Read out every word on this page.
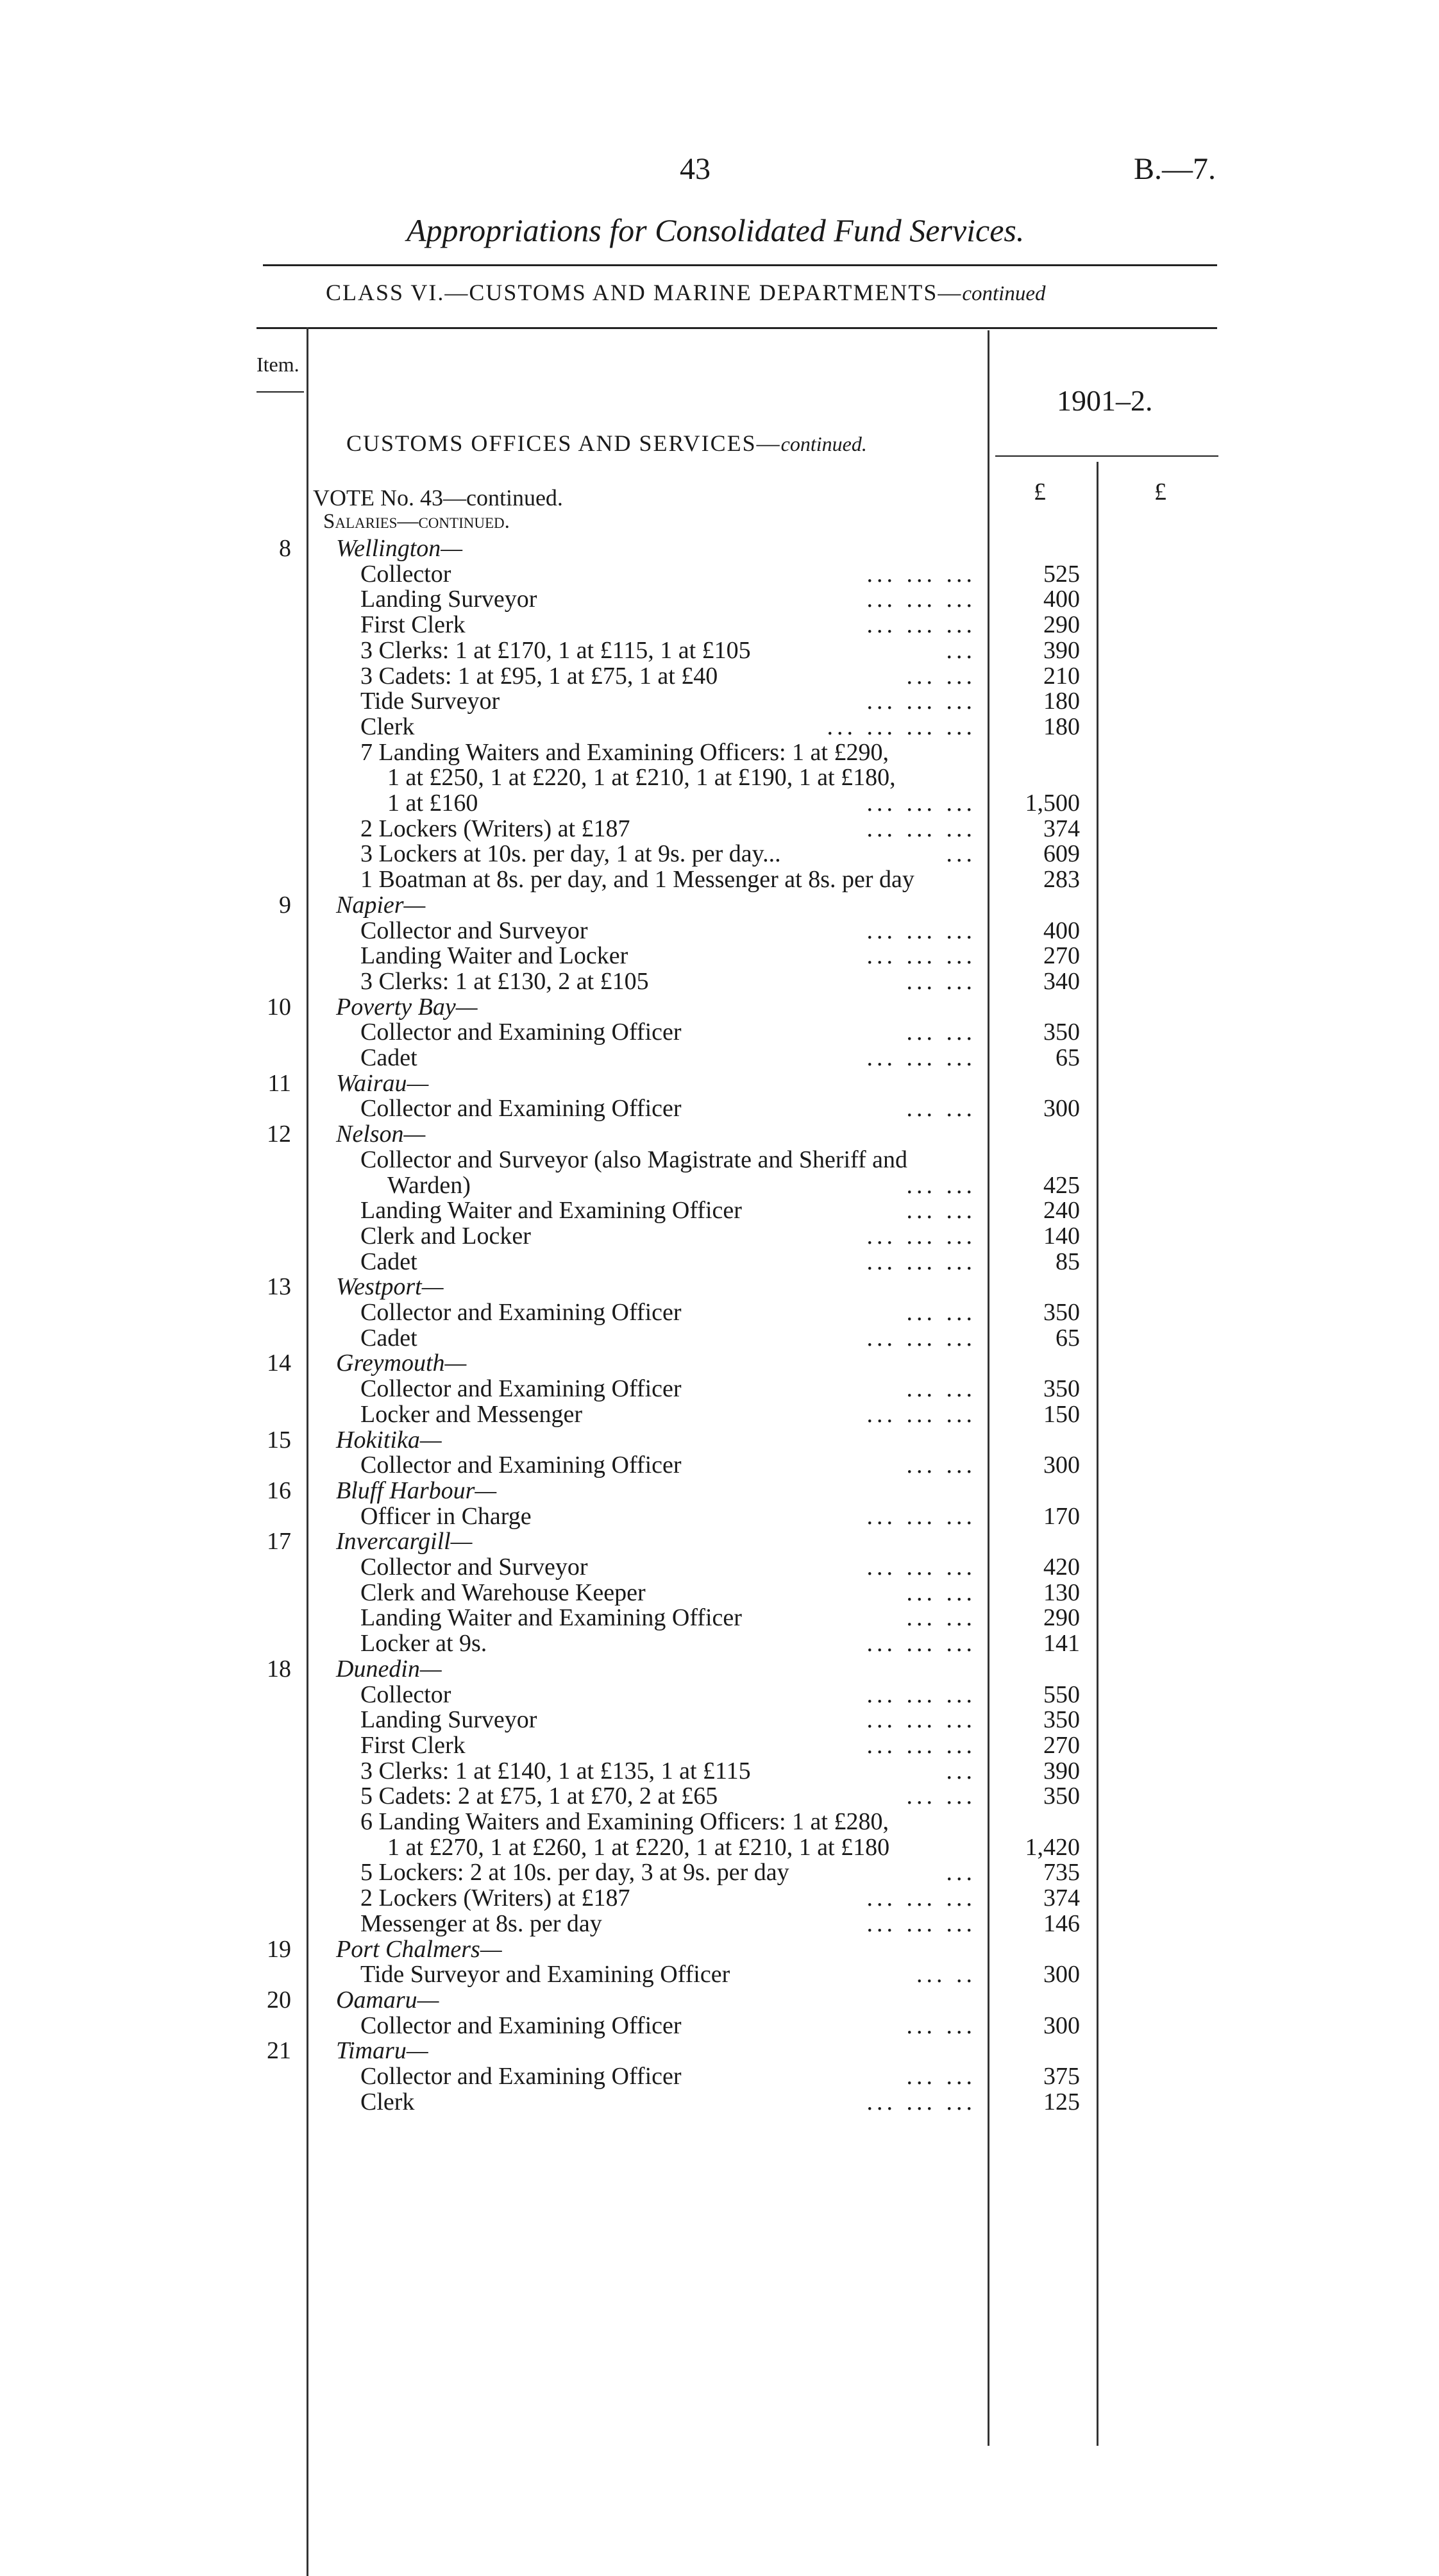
43	B.—7.
Appropriations for Consolidated Fund Services.
CLASS VI.—CUSTOMS AND MARINE DEPARTMENTS—continued
Item.
1901–2.
CUSTOMS OFFICES AND SERVICES—continued.
£	£
VOTE No. 43—continued.
Salaries—continued.
8 Wellington—
Collector	... ... ...	525
Landing Surveyor	... ... ...	400
First Clerk	... ... ...	290
3 Clerks: 1 at £170, 1 at £115, 1 at £105	...	390
3 Cadets: 1 at £95, 1 at £75, 1 at £40	... ...	210
Tide Surveyor	... ... ...	180
Clerk	... ... ... ...	180
7 Landing Waiters and Examining Officers: 1 at £290,
1 at £250, 1 at £220, 1 at £210, 1 at £190, 1 at £180,
1 at £160	... ... ...	1,500
2 Lockers (Writers) at £187	... ... ...	374
3 Lockers at 10s. per day, 1 at 9s. per day...	...	609
1 Boatman at 8s. per day, and 1 Messenger at 8s. per day	283
9 Napier—
Collector and Surveyor	... ... ...	400
Landing Waiter and Locker	... ... ...	270
3 Clerks: 1 at £130, 2 at £105	... ...	340
10 Poverty Bay—
Collector and Examining Officer	... ...	350
Cadet	... ... ...	65
11 Wairau—
Collector and Examining Officer	... ...	300
12 Nelson—
Collector and Surveyor (also Magistrate and Sheriff and
Warden)	... ...	425
Landing Waiter and Examining Officer	... ...	240
Clerk and Locker	... ... ...	140
Cadet	... ... ...	85
13 Westport—
Collector and Examining Officer	... ...	350
Cadet	... ... ...	65
14 Greymouth—
Collector and Examining Officer	... ...	350
Locker and Messenger	... ... ...	150
15 Hokitika—
Collector and Examining Officer	... ...	300
16 Bluff Harbour—
Officer in Charge	... ... ...	170
17 Invercargill—
Collector and Surveyor	... ... ...	420
Clerk and Warehouse Keeper	... ...	130
Landing Waiter and Examining Officer	... ...	290
Locker at 9s.	... ... ...	141
18 Dunedin—
Collector	... ... ...	550
Landing Surveyor	... ... ...	350
First Clerk	... ... ...	270
3 Clerks: 1 at £140, 1 at £135, 1 at £115	...	390
5 Cadets: 2 at £75, 1 at £70, 2 at £65	... ...	350
6 Landing Waiters and Examining Officers: 1 at £280,
1 at £270, 1 at £260, 1 at £220, 1 at £210, 1 at £180	1,420
5 Lockers: 2 at 10s. per day, 3 at 9s. per day	...	735
2 Lockers (Writers) at £187	... ... ...	374
Messenger at 8s. per day	... ... ...	146
19 Port Chalmers—
Tide Surveyor and Examining Officer	... ..	300
20 Oamaru—
Collector and Examining Officer	... ...	300
21 Timaru—
Collector and Examining Officer	... ...	375
Clerk	... ... ...	125
